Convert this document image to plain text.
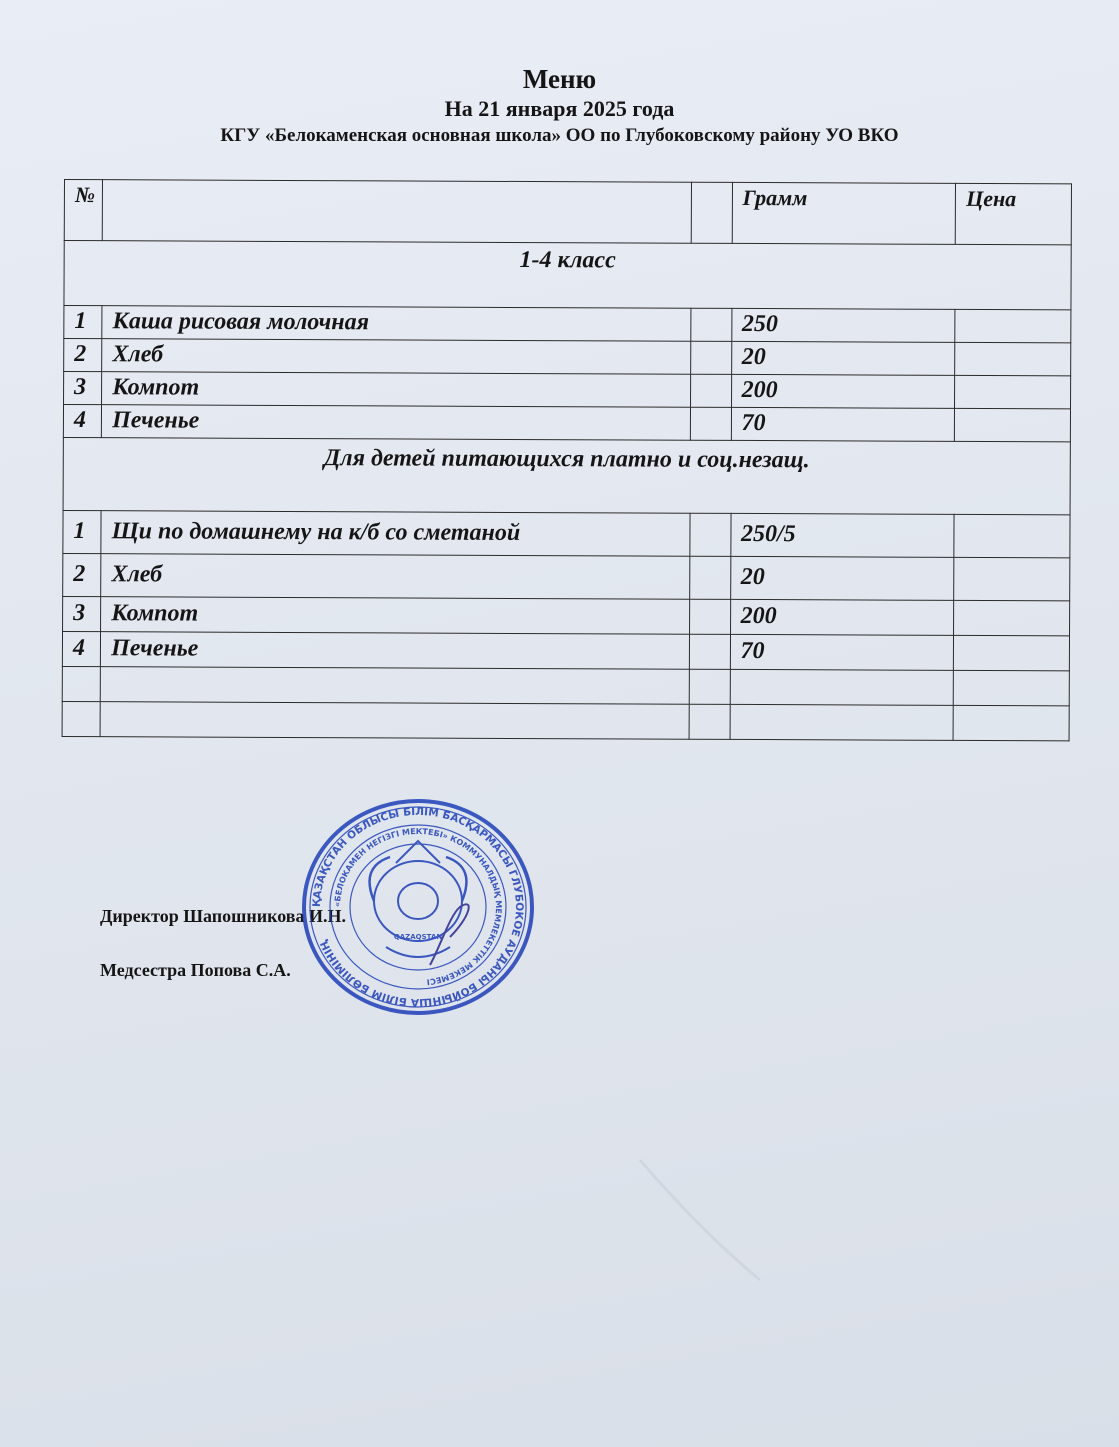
Меню
На 21 января 2025 года
КГУ «Белокаменская основная школа» ОО по Глубоковскому району УО ВКО
№			Грамм	Цена
1-4 класс				
1	Каша рисовая молочная		250	
2	Хлеб		20	
3	Компот		200	
4	Печенье		70	
Для детей питающихся платно и соц.незащ.				
1	Щи по домашнему на к/б со сметаной		250/5	
2	Хлеб		20	
3	Компот		200	
4	Печенье		70	

Директор Шапошникова И.Н.
Медсестра Попова С.А.
ҚАЗАҚСТАН ОБЛЫСЫ БІЛІМ БАСҚАРМАСЫ ГЛУБОКОЕ АУДАНЫ БОЙЫНША БІЛІМ БӨЛІМІНІҢ
«БЕЛОКАМЕН НЕГІЗГІ МЕКТЕБІ» КОММУНАЛДЫҚ МЕМЛЕКЕТТІК МЕКЕМЕСІ
QAZAQSTAN
